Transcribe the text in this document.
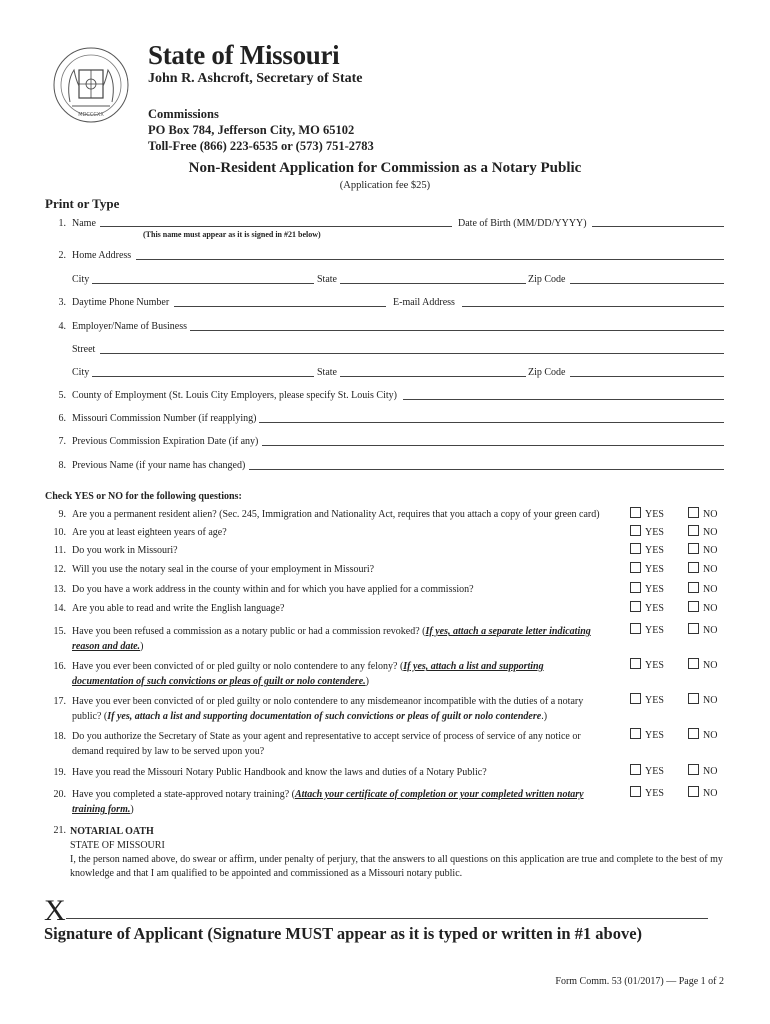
MDCCCXX
State of Missouri
John R. Ashcroft, Secretary of State
Commissions
PO Box 784, Jefferson City, MO 65102
Toll-Free (866) 223-6535 or (573) 751-2783
Non-Resident Application for Commission as a Notary Public
(Application fee $25)
Print or Type
1. Name	Date of Birth (MM/DD/YYYY)
(This name must appear as it is signed in #21 below)
2. Home Address
City	State	Zip Code
3. Daytime Phone Number	E-mail Address
4. Employer/Name of Business
Street
City	State	Zip Code
5. County of Employment (St. Louis City Employers, please specify St. Louis City)
6. Missouri Commission Number (if reapplying)
7. Previous Commission Expiration Date (if any)
8. Previous Name (if your name has changed)
Check YES or NO for the following questions:
9. Are you a permanent resident alien? (Sec. 245, Immigration and Nationality Act, requires that you attach a copy of your green card)	YES	NO
10. Are you at least eighteen years of age?	YES	NO
11. Do you work in Missouri?	YES	NO
12. Will you use the notary seal in the course of your employment in Missouri?	YES	NO
13. Do you have a work address in the county within and for which you have applied for a commission?	YES	NO
14. Are you able to read and write the English language?	YES	NO
15. Have you been refused a commission as a notary public or had a commission revoked? (If yes, attach a separate letter indicating reason and date.)
YES	NO
16. Have you ever been convicted of or pled guilty or nolo contendere to any felony? (If yes, attach a list and supporting documentation of such convictions or pleas of guilt or nolo contendere.)
YES	NO
17. Have you ever been convicted of or pled guilty or nolo contendere to any misdemeanor incompatible with the duties of a notary public? (If yes, attach a list and supporting documentation of such convictions or pleas of guilt or nolo contendere.)
YES	NO
18. Do you authorize the Secretary of State as your agent and representative to accept service of process of service of any notice or demand required by law to be served upon you?
YES	NO
19. Have you read the Missouri Notary Public Handbook and know the laws and duties of a Notary Public?	YES	NO
20. Have you completed a state-approved notary training? (Attach your certificate of completion or your completed written notary training form.)
YES	NO
21. NOTARIAL OATH
STATE OF MISSOURI
I, the person named above, do swear or affirm, under penalty of perjury, that the answers to all questions on this application are true and complete to the best of my knowledge and that I am qualified to be appointed and commissioned as a Missouri notary public.
X
Signature of Applicant (Signature MUST appear as it is typed or written in #1 above)
Form Comm. 53 (01/2017) — Page 1 of 2
